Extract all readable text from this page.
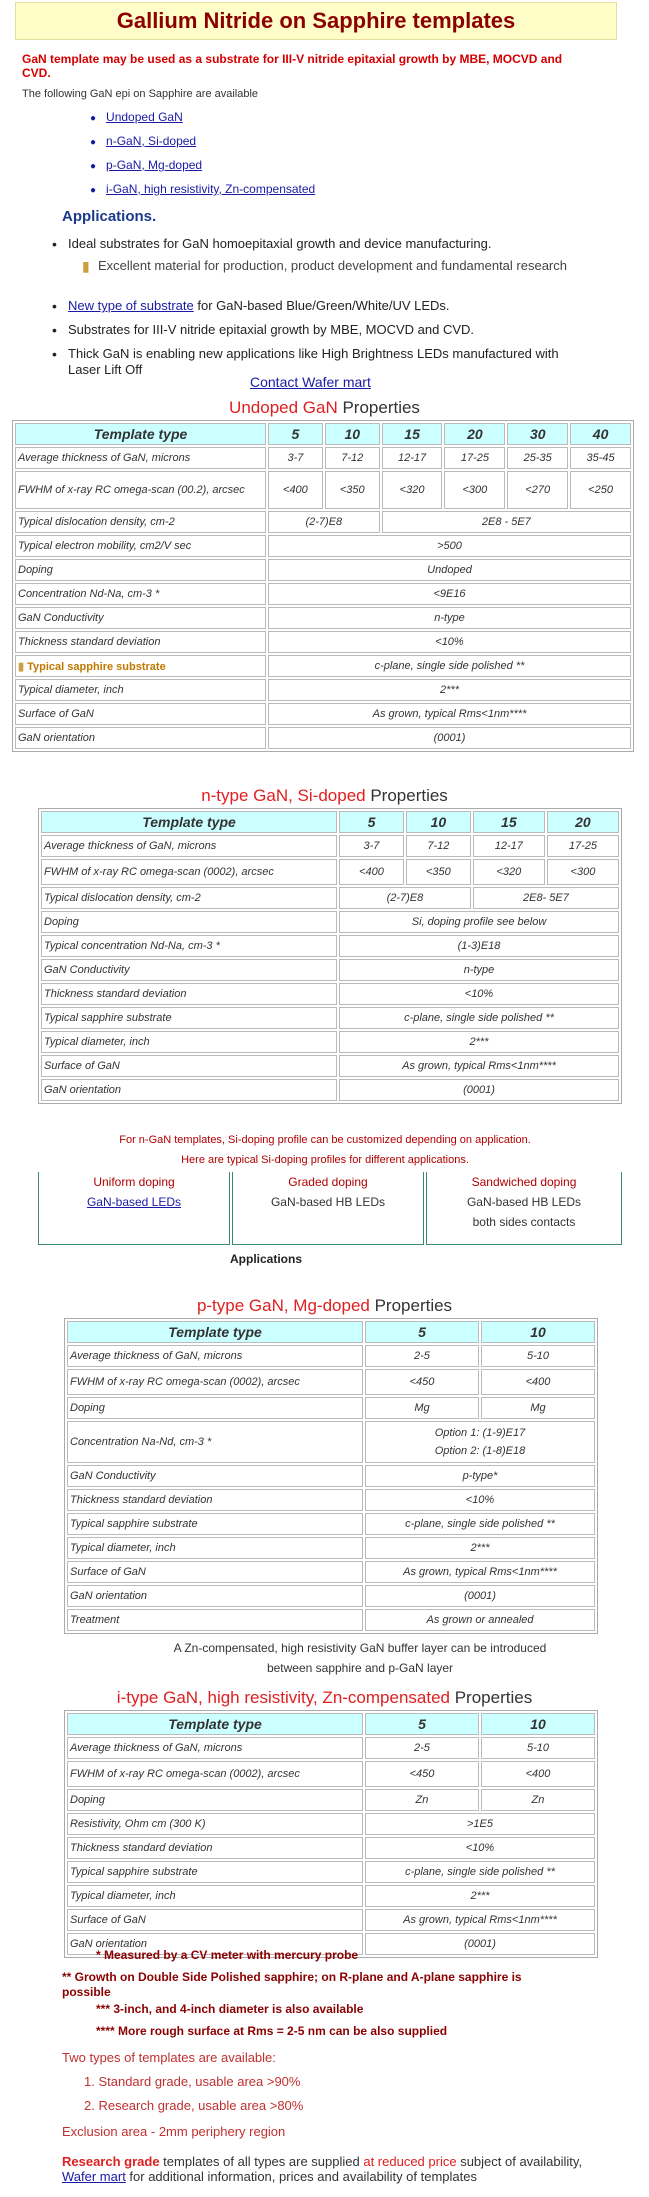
Gallium Nitride on Sapphire templates
GaN template may be used as a substrate for III-V nitride epitaxial growth by MBE, MOCVD and CVD.
The following GaN epi on Sapphire are available
● Undoped GaN
● n-GaN, Si-doped
● p-GaN, Mg-doped
● i-GaN, high resistivity, Zn-compensated
Applications.
• Ideal substrates for GaN homoepitaxial growth and device manufacturing.
▮ Excellent material for production, product development and fundamental research
• New type of substrate for GaN-based Blue/Green/White/UV LEDs.
• Substrates for III-V nitride epitaxial growth by MBE, MOCVD and CVD.
• Thick GaN is enabling new applications like High Brightness LEDs manufactured with Laser Lift Off
Contact Wafer mart
Undoped GaN Properties
Template type	5	10	15	20	30	40
Average thickness of GaN, microns	3-7	7-12	12-17	17-25	25-35	35-45
FWHM of x-ray RC omega-scan (00.2), arcsec	<400	<350	<320	<300	<270	<250
Typical dislocation density, cm-2	(2-7)E8		2E8 - 5E7			
Typical electron mobility, cm2/V sec	>500					
Doping	Undoped					
Concentration Nd-Na, cm-3 *	<9E16					
GaN Conductivity	n-type					
Thickness standard deviation	<10%					
▮ Typical sapphire substrate	c-plane, single side polished **					
Typical diameter, inch	2***					
Surface of GaN	As grown, typical Rms<1nm****					
GaN orientation	(0001)					
n-type GaN, Si-doped Properties
Template type	5	10	15	20
Average thickness of GaN, microns	3-7	7-12	12-17	17-25
FWHM of x-ray RC omega-scan (0002), arcsec	<400	<350	<320	<300
Typical dislocation density, cm-2	(2-7)E8		2E8- 5E7	
Doping	Si, doping profile see below			
Typical concentration Nd-Na, cm-3 *	(1-3)E18			
GaN Conductivity	n-type			
Thickness standard deviation	<10%			
Typical sapphire substrate	c-plane, single side polished **			
Typical diameter, inch	2***			
Surface of GaN	As grown, typical Rms<1nm****			
GaN orientation	(0001)			
For n-GaN templates, Si-doping profile can be customized depending on application.
Here are typical Si-doping profiles for different applications.
Uniform doping
GaN-based LEDs
Graded doping
GaN-based HB LEDs
Sandwiched doping
GaN-based HB LEDs
both sides contacts
Applications
p-type GaN, Mg-doped Properties
Template type	5	10
Average thickness of GaN, microns	2-5	5-10
FWHM of x-ray RC omega-scan (0002), arcsec	<450	<400
Doping	Mg	Mg
Concentration Na-Nd, cm-3 *	Option 1: (1-9)E17
Option 2: (1-8)E18	
GaN Conductivity	p-type*	
Thickness standard deviation	<10%	
Typical sapphire substrate	c-plane, single side polished **	
Typical diameter, inch	2***	
Surface of GaN	As grown, typical Rms<1nm****	
GaN orientation	(0001)	
Treatment	As grown or annealed	
A Zn-compensated, high resistivity GaN buffer layer can be introduced
between sapphire and p-GaN layer
i-type GaN, high resistivity, Zn-compensated Properties
Template type	5	10
Average thickness of GaN, microns	2-5	5-10
FWHM of x-ray RC omega-scan (0002), arcsec	<450	<400
Doping	Zn	Zn
Resistivity, Ohm cm (300 K)	>1E5	
Thickness standard deviation	<10%	
Typical sapphire substrate	c-plane, single side polished **	
Typical diameter, inch	2***	
Surface of GaN	As grown, typical Rms<1nm****	
GaN orientation	(0001)	
* Measured by a CV meter with mercury probe
** Growth on Double Side Polished sapphire; on R-plane and A-plane sapphire is possible
*** 3-inch, and 4-inch diameter is also available
**** More rough surface at Rms = 2-5 nm can be also supplied
Two types of templates are available:
1. Standard grade, usable area >90%
2. Research grade, usable area >80%
Exclusion area - 2mm periphery region
Research grade templates of all types are supplied at reduced price subject of availability, Wafer mart for additional information, prices and availability of templates
